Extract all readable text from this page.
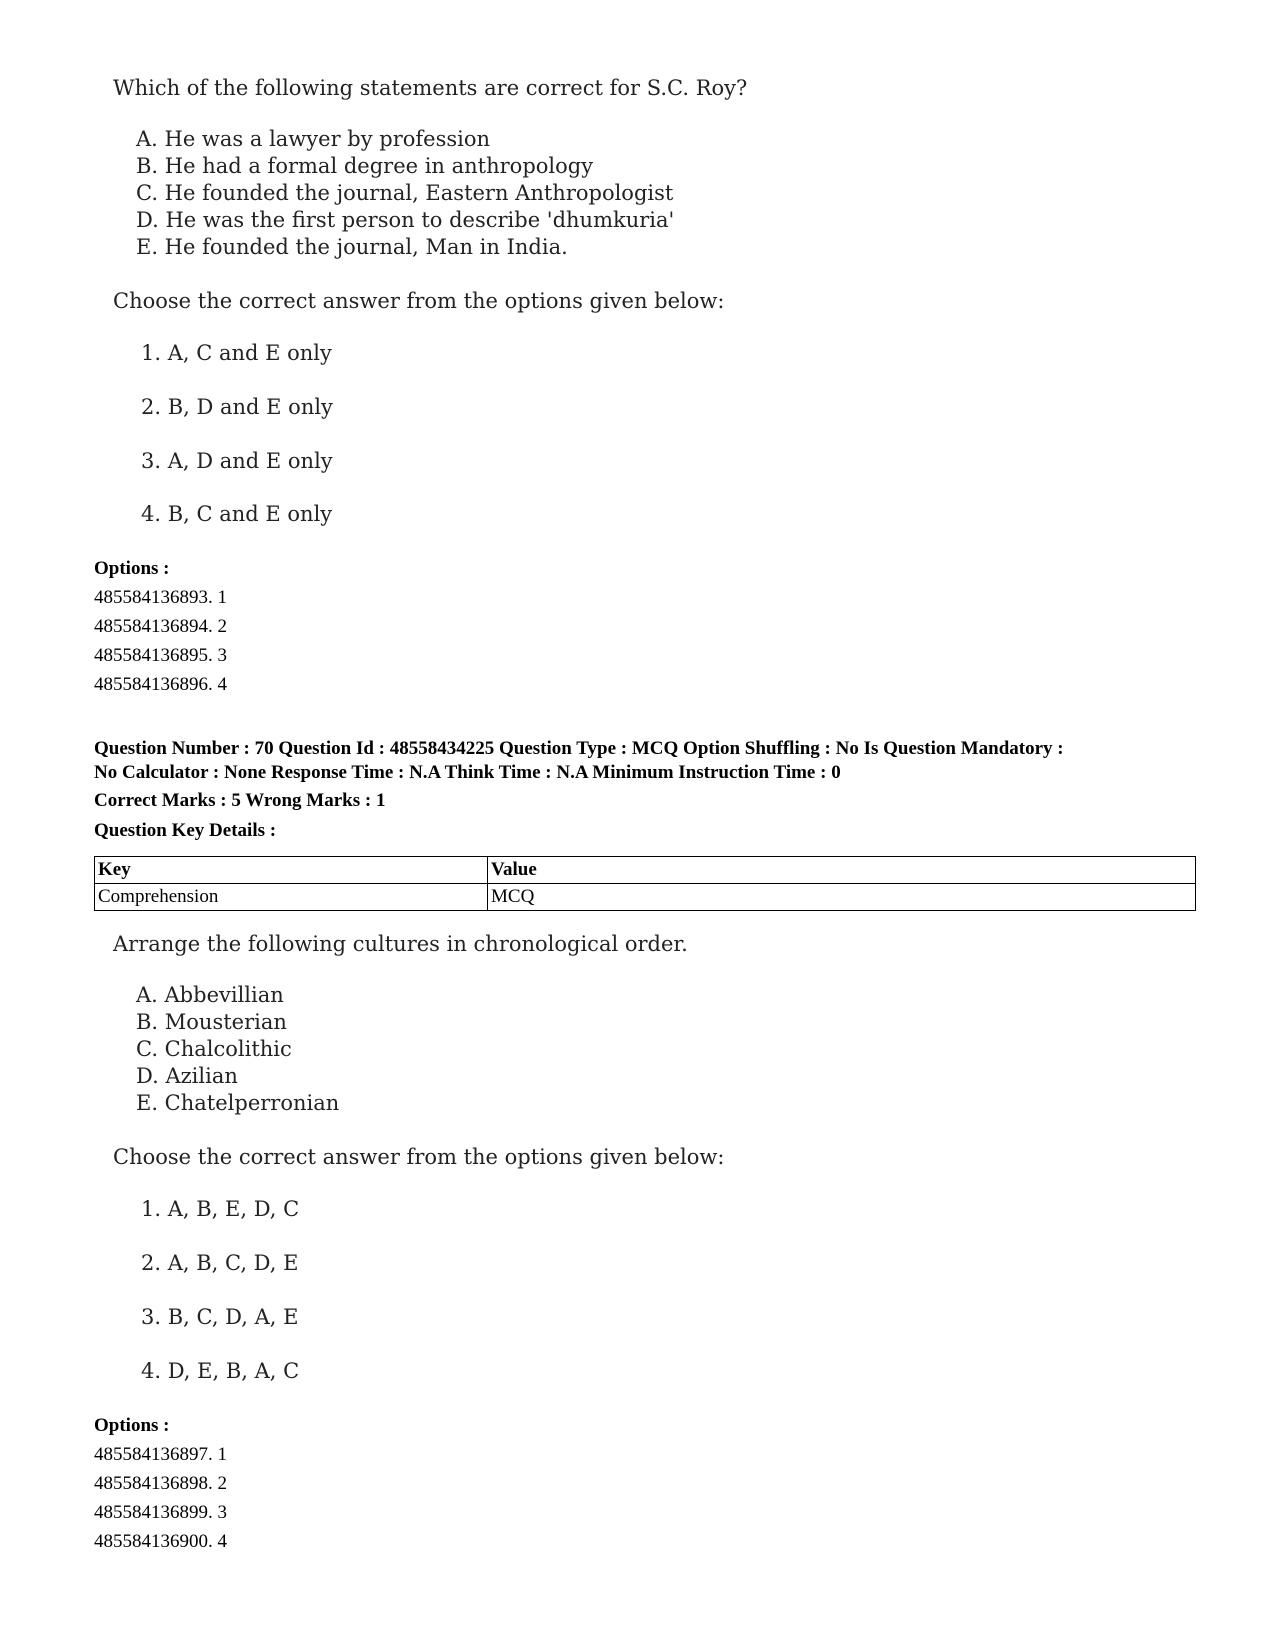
Which of the following statements are correct for S.C. Roy?
A. He was a lawyer by profession
B. He had a formal degree in anthropology
C. He founded the journal, Eastern Anthropologist
D. He was the first person to describe 'dhumkuria'
E. He founded the journal, Man in India.
Choose the correct answer from the options given below:
1. A, C and E only
2. B, D and E only
3. A, D and E only
4. B, C and E only
Options :
485584136893. 1
485584136894. 2
485584136895. 3
485584136896. 4
Question Number : 70 Question Id : 48558434225 Question Type : MCQ Option Shuffling : No Is Question Mandatory :
No Calculator : None Response Time : N.A Think Time : N.A Minimum Instruction Time : 0
Correct Marks : 5 Wrong Marks : 1
Question Key Details :
Key	Value
Comprehension	MCQ
Arrange the following cultures in chronological order.
A. Abbevillian
B. Mousterian
C. Chalcolithic
D. Azilian
E. Chatelperronian
Choose the correct answer from the options given below:
1. A, B, E, D, C
2. A, B, C, D, E
3. B, C, D, A, E
4. D, E, B, A, C
Options :
485584136897. 1
485584136898. 2
485584136899. 3
485584136900. 4
